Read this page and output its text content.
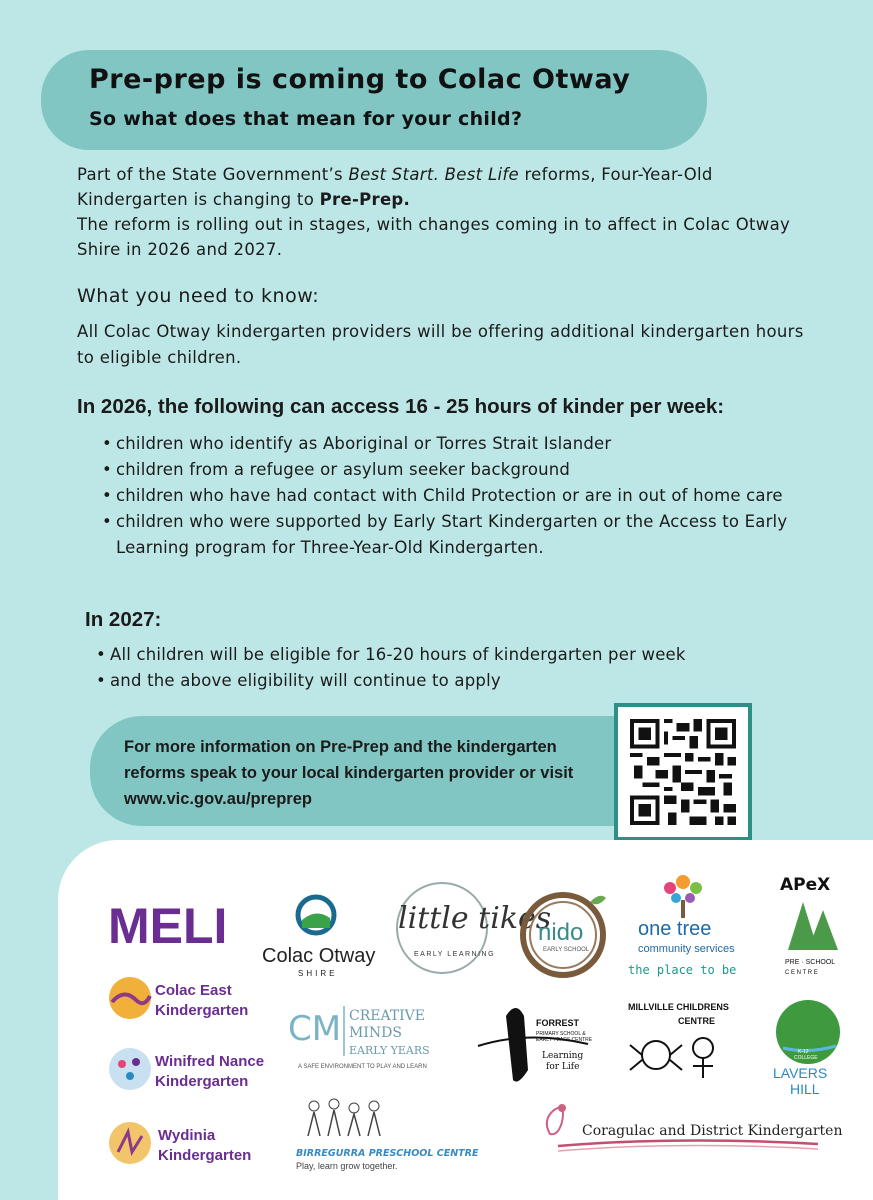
Pre-prep is coming to Colac Otway
So what does that mean for your child?

Part of the State Government’s Best Start. Best Life reforms, Four-Year-Old Kindergarten is changing to Pre-Prep.

The reform is rolling out in stages, with changes coming in to affect in Colac Otway Shire in 2026 and 2027.

What you need to know:

All Colac Otway kindergarten providers will be offering additional kindergarten hours to eligible children.

In 2026, the following can access 16 - 25 hours of kinder per week:
• children who identify as Aboriginal or Torres Strait Islander
• children from a refugee or asylum seeker background
• children who have had contact with Child Protection or are in out of home care
• children who were supported by Early Start Kindergarten or the Access to Early Learning program for Three-Year-Old Kindergarten.
In 2027:
• All children will be eligible for 16-20 hours of kindergarten per week
• and the above eligibility will continue to apply
For more information on Pre-Prep and the kindergarten reforms speak to your local kindergarten provider or visit www.vic.gov.au/preprep
MELI
Colac Otway
SHIRE
little tikes
EARLY LEARNING
nido
EARLY SCHOOL
one tree
community services
the place to be
APeX
PRE · SCHOOL
C E N T R E
Colac East
Kindergarten CM CREATIVE
MINDS
EARLY YEARS
A SAFE ENVIRONMENT TO PLAY AND LEARN
FORREST
PRIMARY SCHOOL &
EARLY YEARS CENTRE
Learning
for Life
MILLVILLE CHILDRENS
CENTRE
K-12
COLLEGE
LAVERS
HILL
Winifred Nance
Kindergarten
Wydinia
Kindergarten	BIRREGURRA PRESCHOOL CENTRE
Play, learn grow together.
Coragulac and District Kindergarten
